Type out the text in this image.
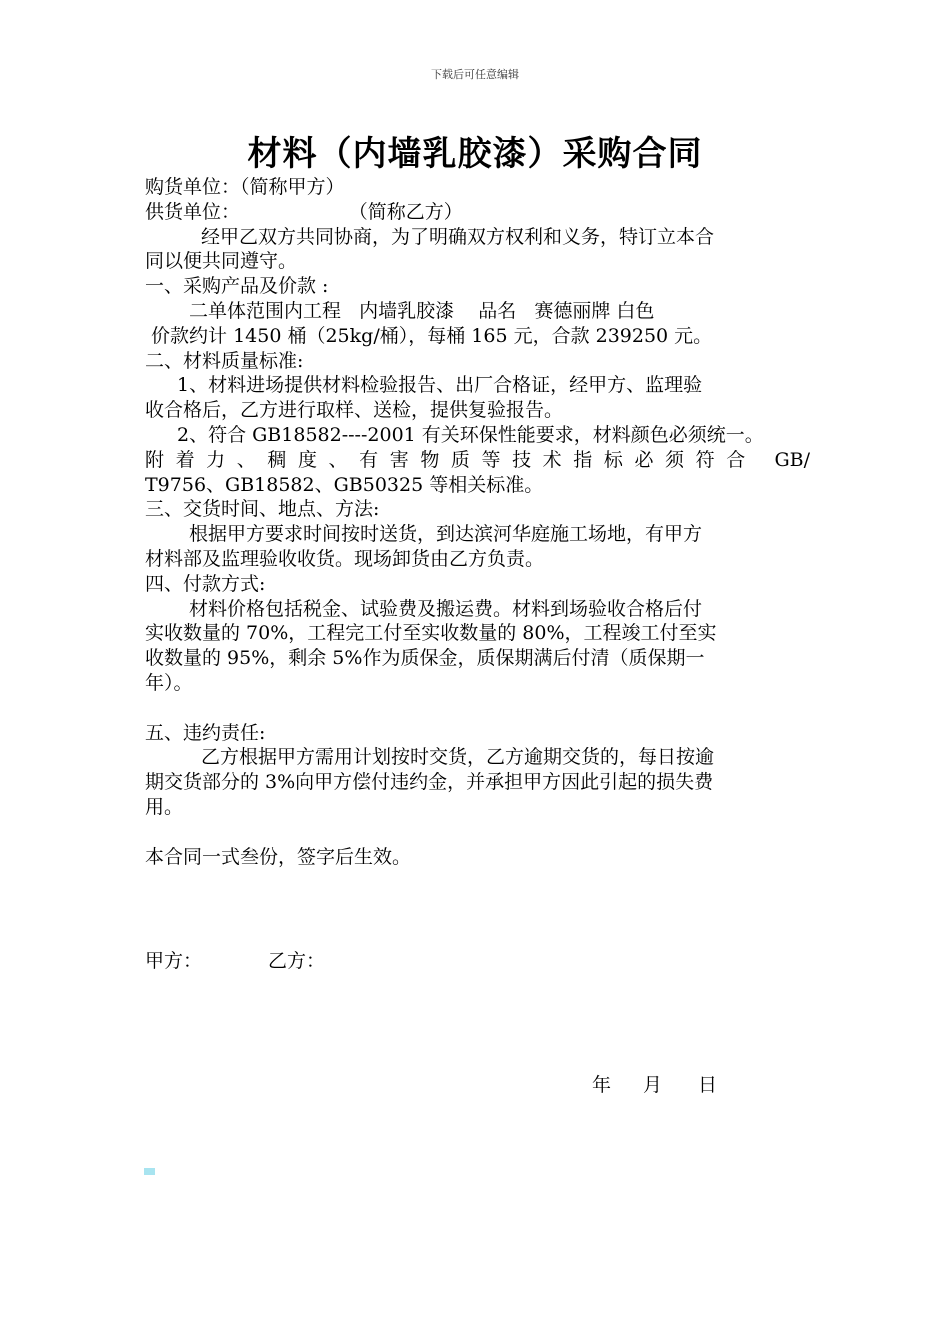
下载后可任意编辑
材料（内墙乳胶漆）采购合同
购货单位：（简称甲方）
供货单位：                  （简称乙方）
经甲乙双方共同协商，为了明确双方权利和义务，特订立本合
同以便共同遵守。
一、采购产品及价款 :
二单体范围内工程   内墙乳胶漆    品名   赛德丽牌 白色
价款约计 1450 桶（25kg/桶），每桶 165 元，合款 239250 元。
二、材料质量标准:
1、材料进场提供材料检验报告、出厂合格证，经甲方、监理验
收合格后，乙方进行取样、送检，提供复验报告。
2、符合 GB18582----2001 有关环保性能要求，材料颜色必须统一。
附着力、稠度、有害物质等技术指标必须符合 GB/
T9756、GB18582、GB50325 等相关标准。
三、交货时间、地点、方法:
根据甲方要求时间按时送货，到达滨河华庭施工场地，有甲方
材料部及监理验收收货。现场卸货由乙方负责。
四、付款方式:
材料价格包括税金、试验费及搬运费。材料到场验收合格后付
实收数量的 70%，工程完工付至实收数量的 80%，工程竣工付至实
收数量的 95%，剩余 5%作为质保金，质保期满后付清（质保期一
年）。
五、违约责任:
乙方根据甲方需用计划按时交货，乙方逾期交货的，每日按逾
期交货部分的 3%向甲方偿付违约金，并承担甲方因此引起的损失费
用。
本合同一式叁份，签字后生效。
甲方：	乙方：
年 月 日
